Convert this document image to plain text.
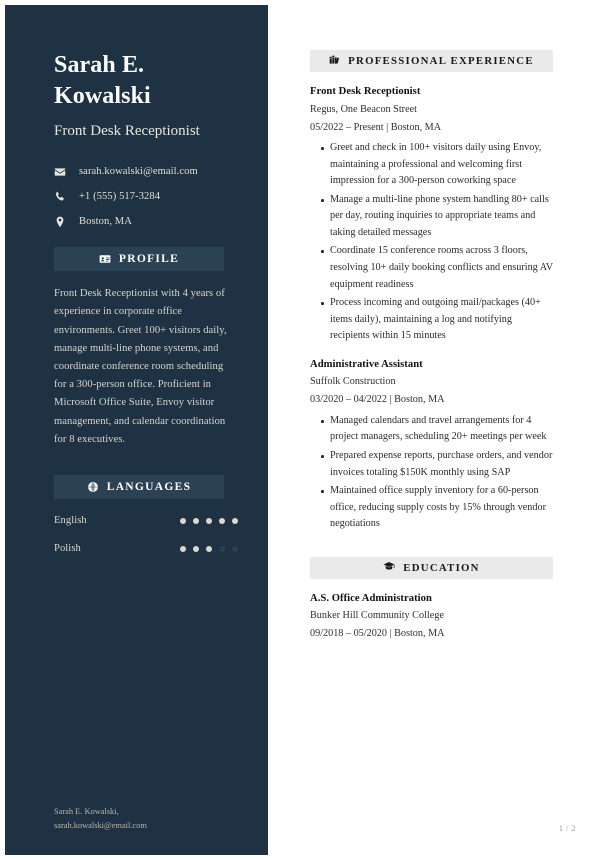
Sarah E. Kowalski
Front Desk Receptionist
sarah.kowalski@email.com
+1 (555) 517-3284
Boston, MA
PROFILE
Front Desk Receptionist with 4 years of experience in corporate office environments. Greet 100+ visitors daily, manage multi-line phone systems, and coordinate conference room scheduling for a 300-person office. Proficient in Microsoft Office Suite, Envoy visitor management, and calendar coordination for 8 executives.
LANGUAGES
English
Polish
Sarah E. Kowalski,
sarah.kowalski@email.com
PROFESSIONAL EXPERIENCE
Front Desk Receptionist
Regus, One Beacon Street
05/2022 – Present | Boston, MA
Greet and check in 100+ visitors daily using Envoy, maintaining a professional and welcoming first impression for a 300-person coworking space
Manage a multi-line phone system handling 80+ calls per day, routing inquiries to appropriate teams and taking detailed messages
Coordinate 15 conference rooms across 3 floors, resolving 10+ daily booking conflicts and ensuring AV equipment readiness
Process incoming and outgoing mail/packages (40+ items daily), maintaining a log and notifying recipients within 15 minutes
Administrative Assistant
Suffolk Construction
03/2020 – 04/2022 | Boston, MA
Managed calendars and travel arrangements for 4 project managers, scheduling 20+ meetings per week
Prepared expense reports, purchase orders, and vendor invoices totaling $150K monthly using SAP
Maintained office supply inventory for a 60-person office, reducing supply costs by 15% through vendor negotiations
EDUCATION
A.S. Office Administration
Bunker Hill Community College
09/2018 – 05/2020 | Boston, MA
1 / 2
